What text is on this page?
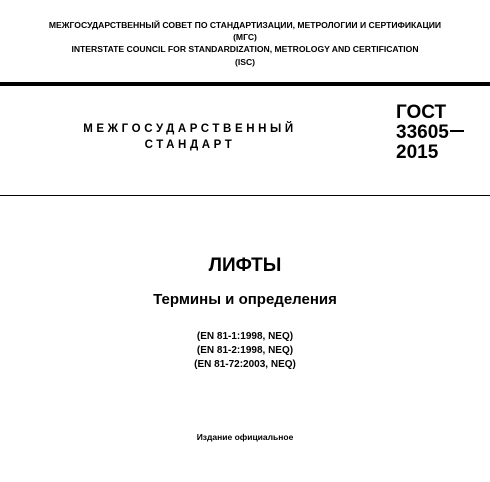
МЕЖГОСУДАРСТВЕННЫЙ СОВЕТ ПО СТАНДАРТИЗАЦИИ, МЕТРОЛОГИИ И СЕРТИФИКАЦИИ
(МГС)
INTERSTATE COUNCIL FOR STANDARDIZATION, METROLOGY AND CERTIFICATION
(ISC)
МЕЖГОСУДАРСТВЕННЫЙ
СТАНДАРТ
ГОСТ
33605
2015
ЛИФТЫ
Термины и определения
(EN 81-1:1998, NEQ)
(EN 81-2:1998, NEQ)
(EN 81-72:2003, NEQ)
Издание официальное
